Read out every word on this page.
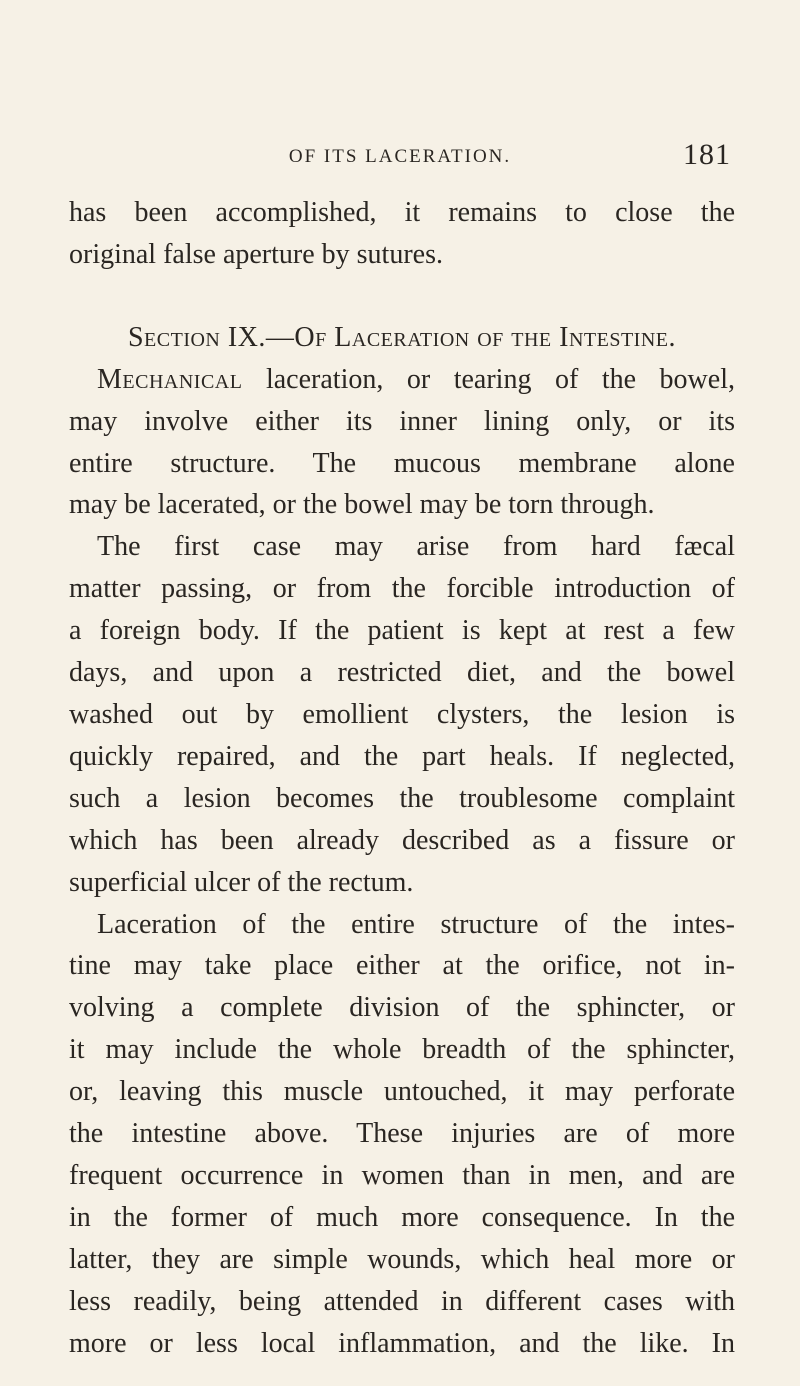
OF ITS LACERATION.	181
has been accomplished, it remains to close the
original false aperture by sutures.
Section IX.—Of Laceration of the Intestine.
Mechanical laceration, or tearing of the bowel,
may involve either its inner lining only, or its
entire structure. The mucous membrane alone
may be lacerated, or the bowel may be torn through.
The first case may arise from hard fæcal
matter passing, or from the forcible introduction of
a foreign body. If the patient is kept at rest a few
days, and upon a restricted diet, and the bowel
washed out by emollient clysters, the lesion is
quickly repaired, and the part heals. If neglected,
such a lesion becomes the troublesome complaint
which has been already described as a fissure or
superficial ulcer of the rectum.
Laceration of the entire structure of the intes-
tine may take place either at the orifice, not in-
volving a complete division of the sphincter, or
it may include the whole breadth of the sphincter,
or, leaving this muscle untouched, it may perforate
the intestine above. These injuries are of more
frequent occurrence in women than in men, and are
in the former of much more consequence. In the
latter, they are simple wounds, which heal more or
less readily, being attended in different cases with
more or less local inflammation, and the like. In
